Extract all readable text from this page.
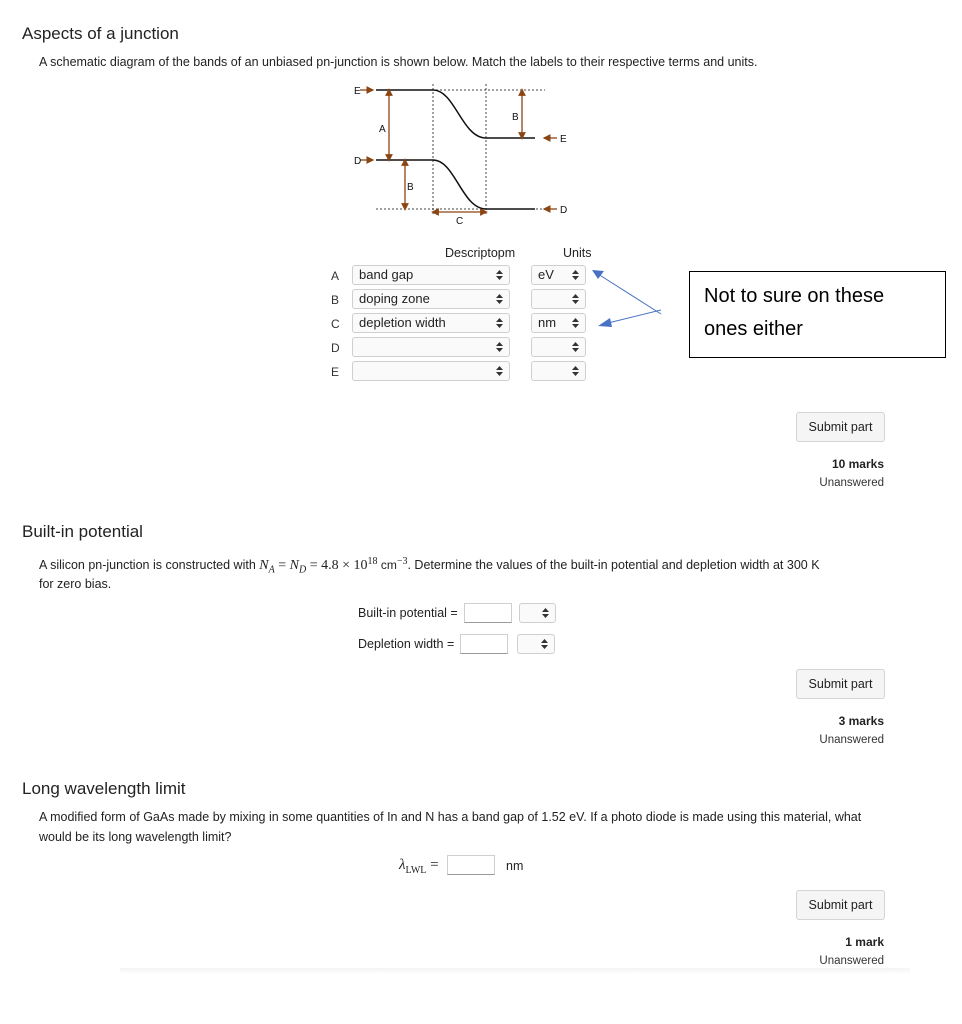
Aspects of a junction
A schematic diagram of the bands of an unbiased pn-junction is shown below. Match the labels to their respective terms and units.
E
A
D
B
B
C
E
D
Descriptopm	Units
A	band gap	eV
B	doping zone
C	depletion width	nm
D
E
Not to sure on these ones either
Submit part
10 marks
Unanswered
Built-in potential
A silicon pn-junction is constructed with $N_A = N_D = 4.8 \times 10^{18}$ $cm^{-3}$. Determine the values of the built-in potential and depletion width at 300 K
for zero bias.
Built-in potential =
Depletion width =
Submit part
3 marks
Unanswered
Long wavelength limit
A modified form of GaAs made by mixing in some quantities of In and N has a band gap of 1.52 eV. If a photo diode is made using this material, what
would be its long wavelength limit?
$\lambda_{LWL}$ =	nm
Submit part
1 mark
Unanswered
